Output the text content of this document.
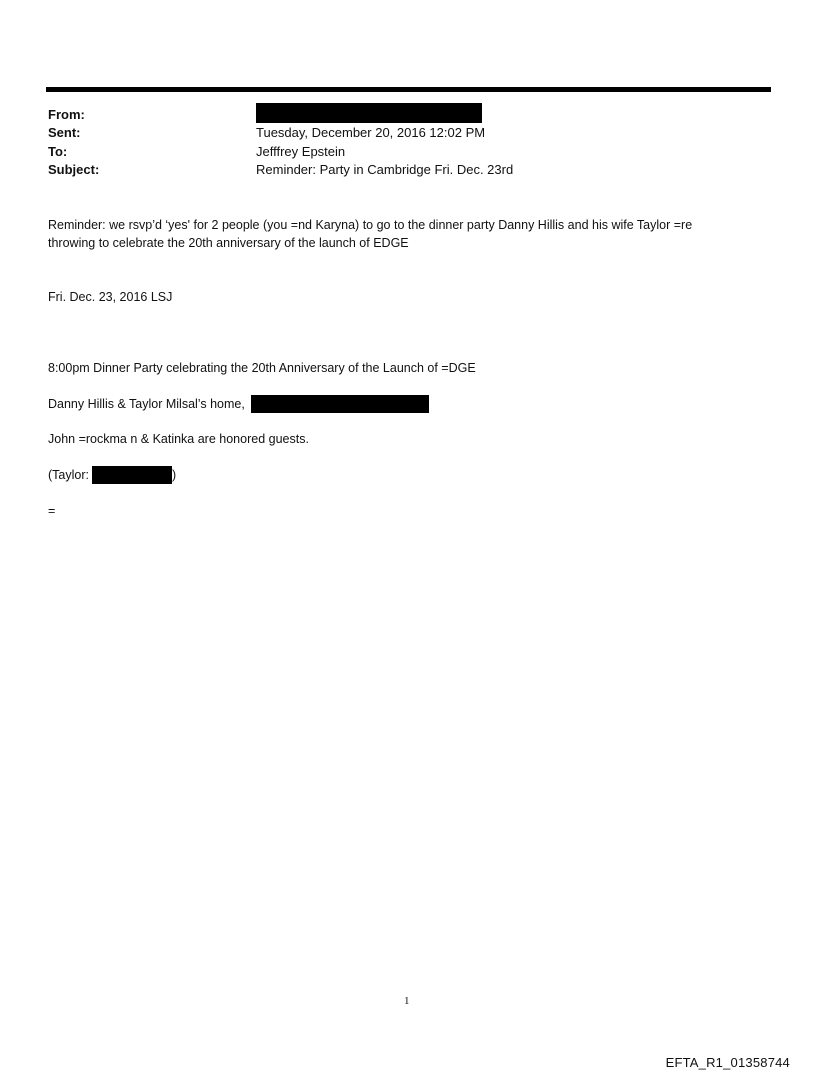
From:
Sent:	Tuesday, December 20, 2016 12:02 PM
To:	Jefffrey Epstein
Subject:	Reminder: Party in Cambridge Fri. Dec. 23rd
Reminder: we rsvp’d ‘yes' for 2 people (you =nd Karyna) to go to the dinner party Danny Hillis and his wife Taylor =re
throwing to celebrate the 20th anniversary of the launch of EDGE
Fri. Dec. 23, 2016 LSJ
8:00pm Dinner Party celebrating the 20th Anniversary of the Launch of =DGE
Danny Hillis & Taylor Milsal’s home,
John =rockma n & Katinka are honored guests.
(Taylor:	)
=
1
EFTA_R1_01358744
